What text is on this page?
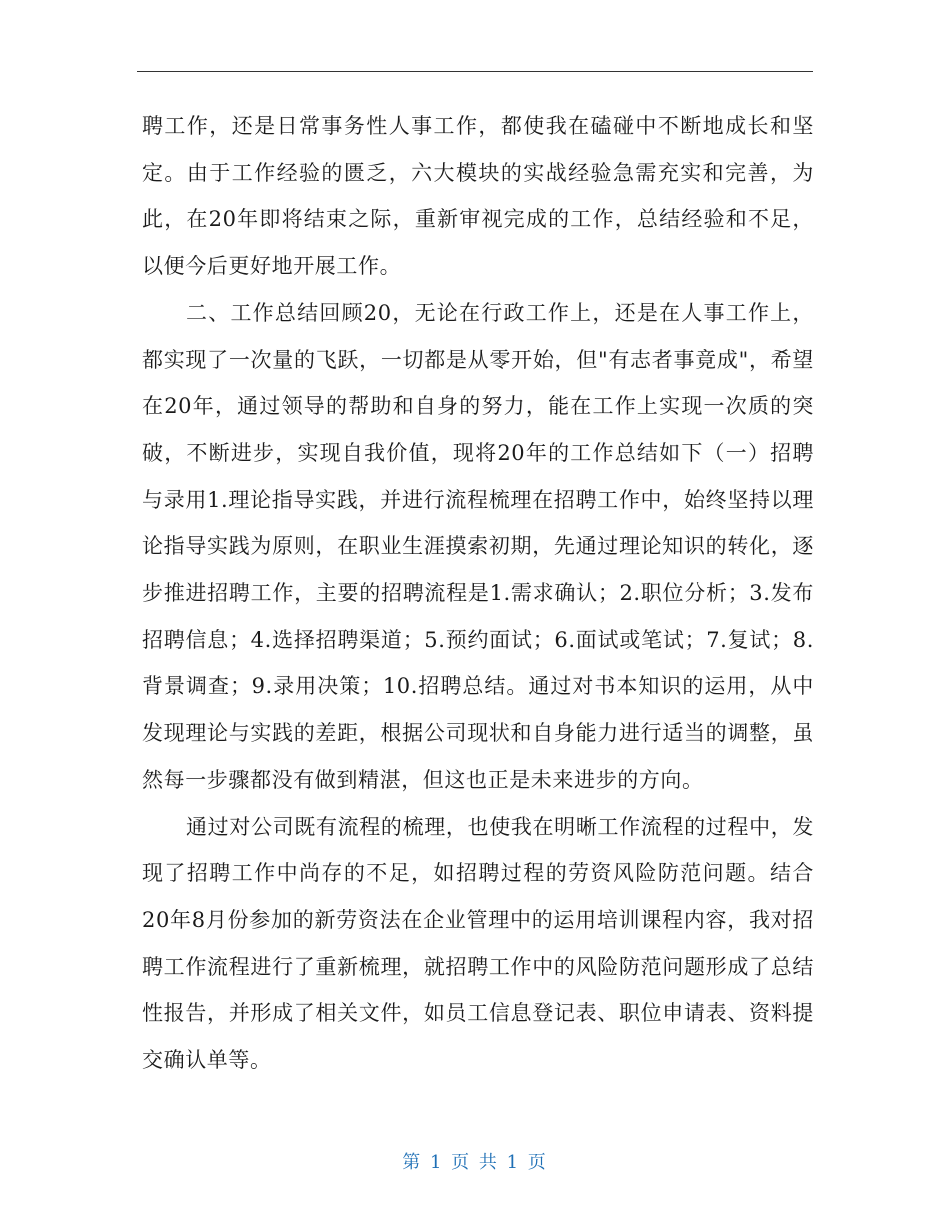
聘工作，还是日常事务性人事工作，都使我在磕碰中不断地成长和坚定。由于工作经验的匮乏，六大模块的实战经验急需充实和完善，为此，在20年即将结束之际，重新审视完成的工作，总结经验和不足，以便今后更好地开展工作。

二、工作总结回顾20，无论在行政工作上，还是在人事工作上，都实现了一次量的飞跃，一切都是从零开始，但"有志者事竟成"，希望在20年，通过领导的帮助和自身的努力，能在工作上实现一次质的突破，不断进步，实现自我价值，现将20年的工作总结如下（一）招聘与录用1.理论指导实践，并进行流程梳理在招聘工作中，始终坚持以理论指导实践为原则，在职业生涯摸索初期，先通过理论知识的转化，逐步推进招聘工作，主要的招聘流程是1.需求确认；2.职位分析；3.发布招聘信息；4.选择招聘渠道；5.预约面试；6.面试或笔试；7.复试；8.背景调查；9.录用决策；10.招聘总结。通过对书本知识的运用，从中发现理论与实践的差距，根据公司现状和自身能力进行适当的调整，虽然每一步骤都没有做到精湛，但这也正是未来进步的方向。

通过对公司既有流程的梳理，也使我在明晰工作流程的过程中，发现了招聘工作中尚存的不足，如招聘过程的劳资风险防范问题。结合20年8月份参加的新劳资法在企业管理中的运用培训课程内容，我对招聘工作流程进行了重新梳理，就招聘工作中的风险防范问题形成了总结性报告，并形成了相关文件，如员工信息登记表、职位申请表、资料提交确认单等。

第 1 页 共 1 页
